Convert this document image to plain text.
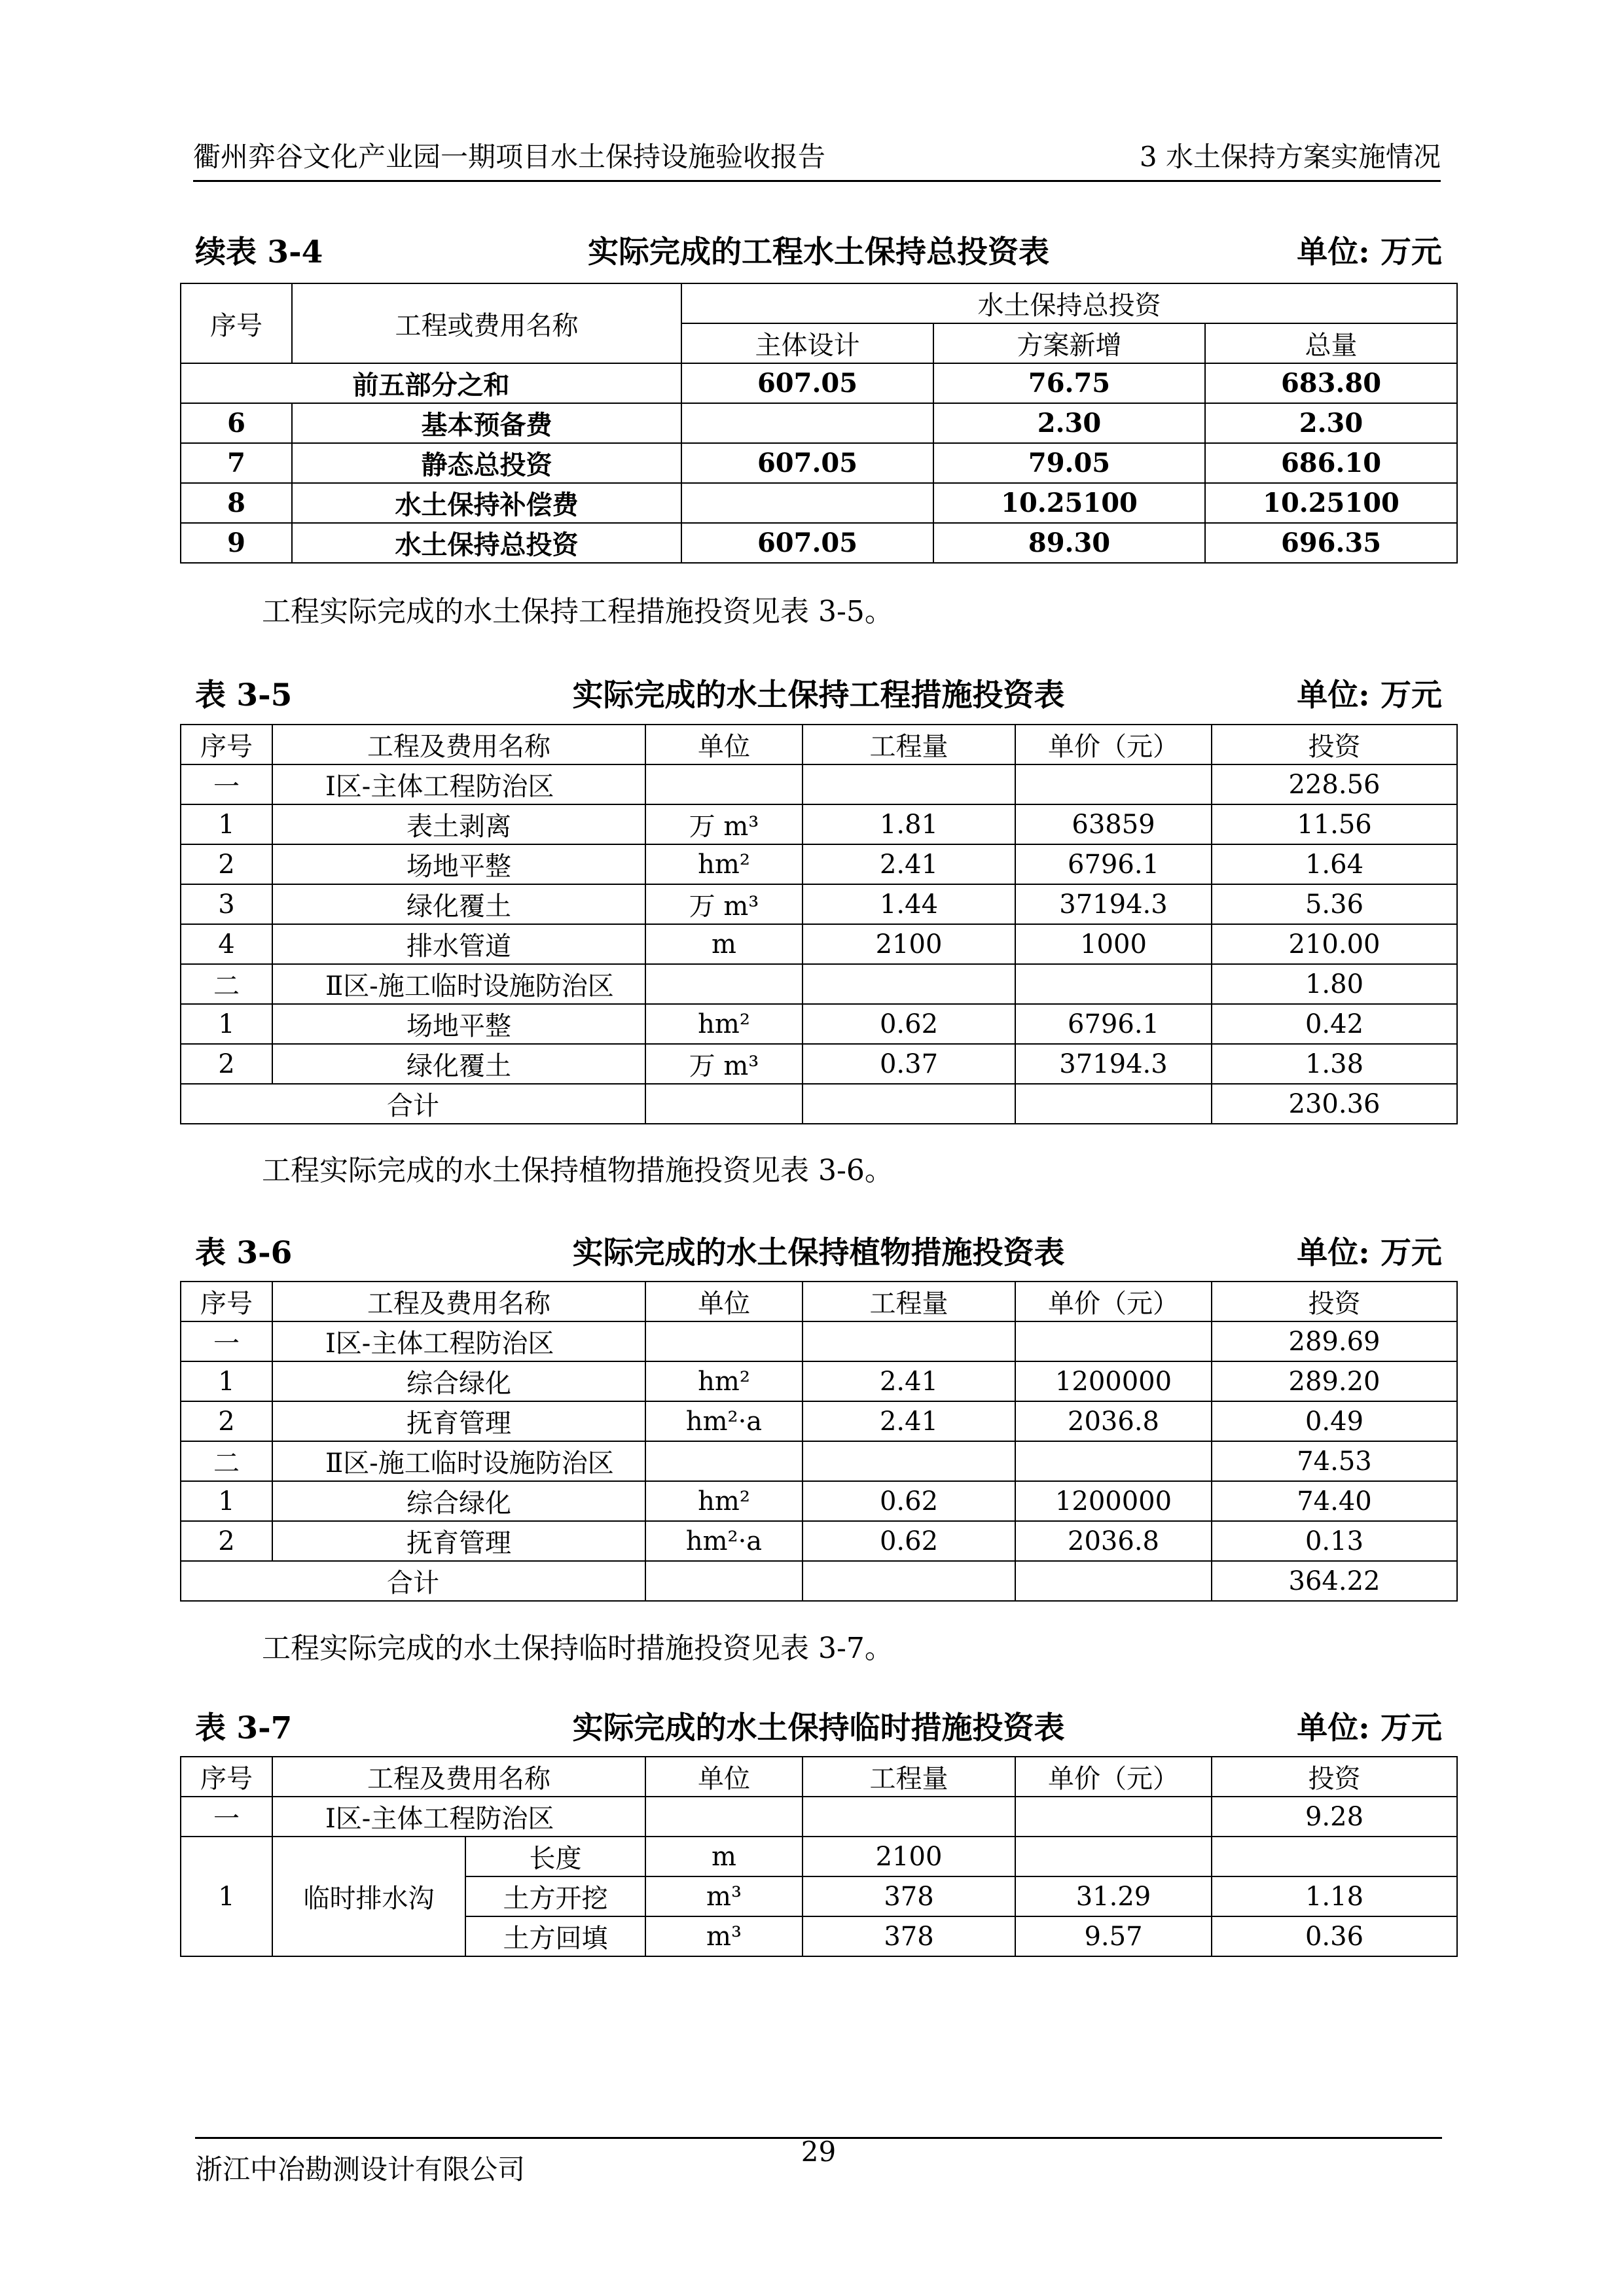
衢州弈谷文化产业园一期项目水土保持设施验收报告	3 水土保持方案实施情况
续表 3-4	实际完成的工程水土保持总投资表	单位: 万元
序号	工程或费用名称	水土保持总投资		
		主体设计	方案新增	总量
前五部分之和		607.05	76.75	683.80
6	基本预备费		2.30	2.30
7	静态总投资	607.05	79.05	686.10
8	水土保持补偿费		10.25100	10.25100
9	水土保持总投资	607.05	89.30	696.35
工程实际完成的水土保持工程措施投资见表 3-5。
表 3-5	实际完成的水土保持工程措施投资表	单位: 万元
序号	工程及费用名称	单位	工程量	单价（元）	投资
一	Ⅰ区-主体工程防治区				228.56
1	表土剥离	万 m³	1.81	63859	11.56
2	场地平整	hm²	2.41	6796.1	1.64
3	绿化覆土	万 m³	1.44	37194.3	5.36
4	排水管道	m	2100	1000	210.00
二	Ⅱ区-施工临时设施防治区				1.80
1	场地平整	hm²	0.62	6796.1	0.42
2	绿化覆土	万 m³	0.37	37194.3	1.38
合计					230.36
工程实际完成的水土保持植物措施投资见表 3-6。
表 3-6	实际完成的水土保持植物措施投资表	单位: 万元
序号	工程及费用名称	单位	工程量	单价（元）	投资
一	Ⅰ区-主体工程防治区				289.69
1	综合绿化	hm²	2.41	1200000	289.20
2	抚育管理	hm²·a	2.41	2036.8	0.49
二	Ⅱ区-施工临时设施防治区				74.53
1	综合绿化	hm²	0.62	1200000	74.40
2	抚育管理	hm²·a	0.62	2036.8	0.13
合计					364.22
工程实际完成的水土保持临时措施投资见表 3-7。
表 3-7	实际完成的水土保持临时措施投资表	单位: 万元
序号	工程及费用名称		单位	工程量	单价（元）	投资
一	Ⅰ区-主体工程防治区					9.28
1	临时排水沟	长度	m	2100		
		土方开挖	m³	378	31.29	1.18
		土方回填	m³	378	9.57	0.36
浙江中冶勘测设计有限公司
29
